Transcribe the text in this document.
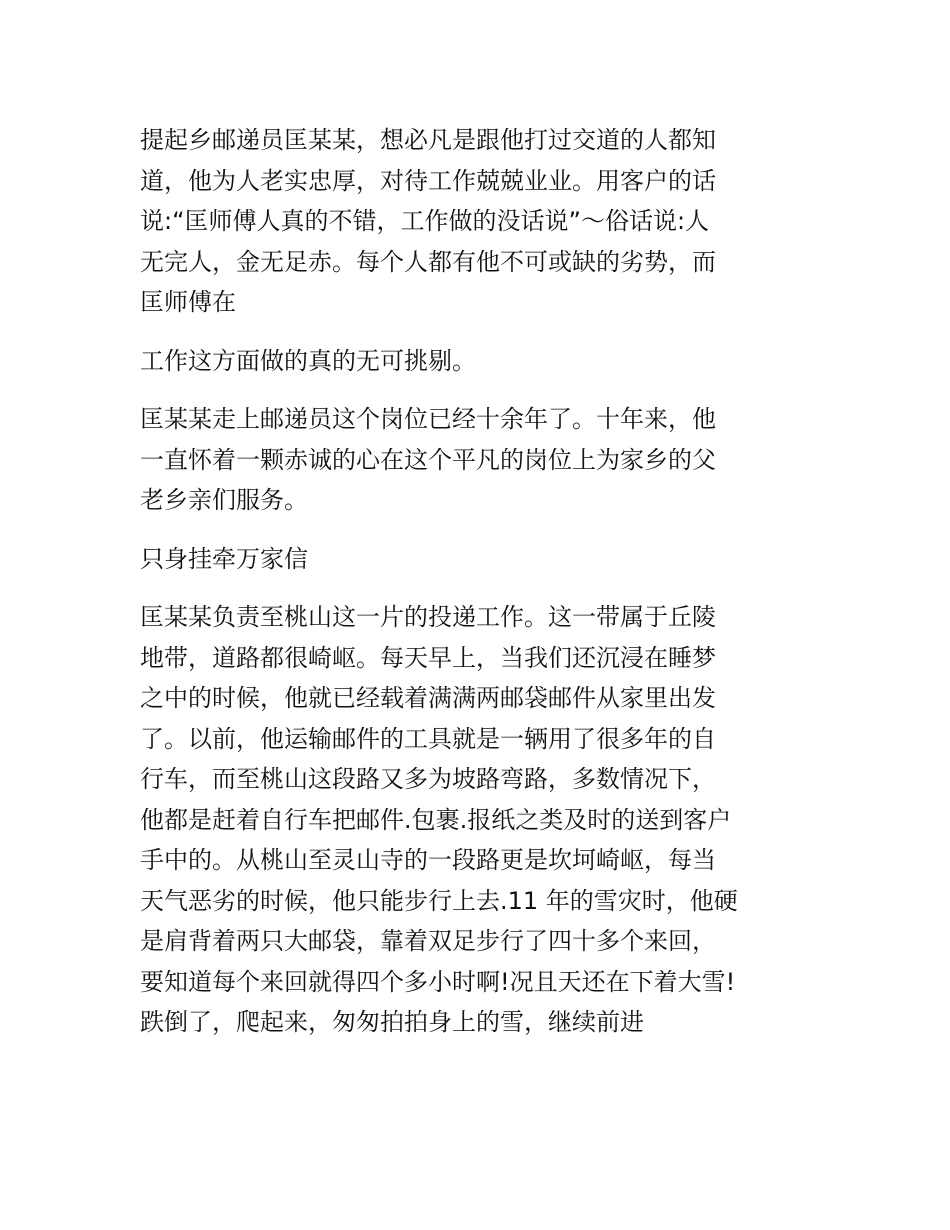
提起乡邮递员匡某某，想必凡是跟他打过交道的人都知
道，他为人老实忠厚，对待工作兢兢业业。用客户的话
说:“匡师傅人真的不错，工作做的没话说”～俗话说:人
无完人，金无足赤。每个人都有他不可或缺的劣势，而
匡师傅在
工作这方面做的真的无可挑剔。
匡某某走上邮递员这个岗位已经十余年了。十年来，他
一直怀着一颗赤诚的心在这个平凡的岗位上为家乡的父
老乡亲们服务。
只身挂牵万家信
匡某某负责至桃山这一片的投递工作。这一带属于丘陵
地带，道路都很崎岖。每天早上，当我们还沉浸在睡梦
之中的时候，他就已经载着满满两邮袋邮件从家里出发
了。以前，他运输邮件的工具就是一辆用了很多年的自
行车，而至桃山这段路又多为坡路弯路，多数情况下，
他都是赶着自行车把邮件.包裹.报纸之类及时的送到客户
手中的。从桃山至灵山寺的一段路更是坎坷崎岖，每当
天气恶劣的时候，他只能步行上去.11 年的雪灾时，他硬
是肩背着两只大邮袋，靠着双足步行了四十多个来回，
要知道每个来回就得四个多小时啊!况且天还在下着大雪!
跌倒了，爬起来，匆匆拍拍身上的雪，继续前进
